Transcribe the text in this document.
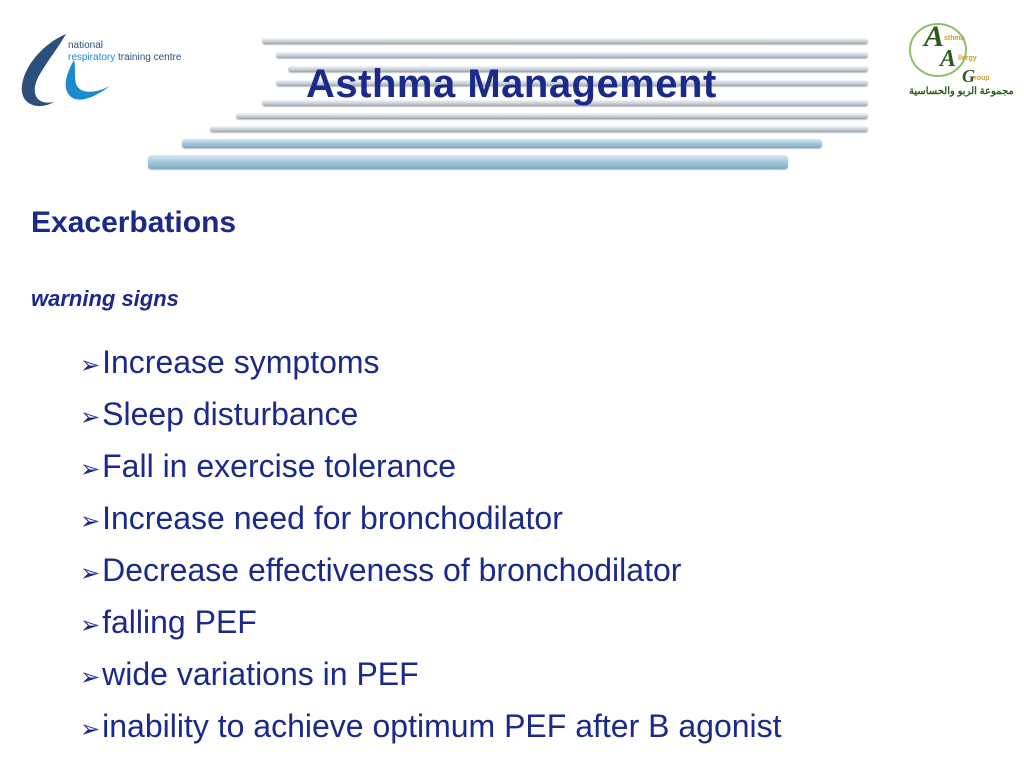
national
respiratory training centre
Asthma Management
A
A
G
sthma
llergy
roup
مجموعة الربو والحساسية
Exacerbations
warning signs
➢Increase symptoms
➢Sleep disturbance
➢Fall in exercise tolerance
➢Increase need for bronchodilator
➢Decrease effectiveness of bronchodilator
➢falling PEF
➢wide variations in PEF
➢inability to achieve optimum PEF after B agonist
